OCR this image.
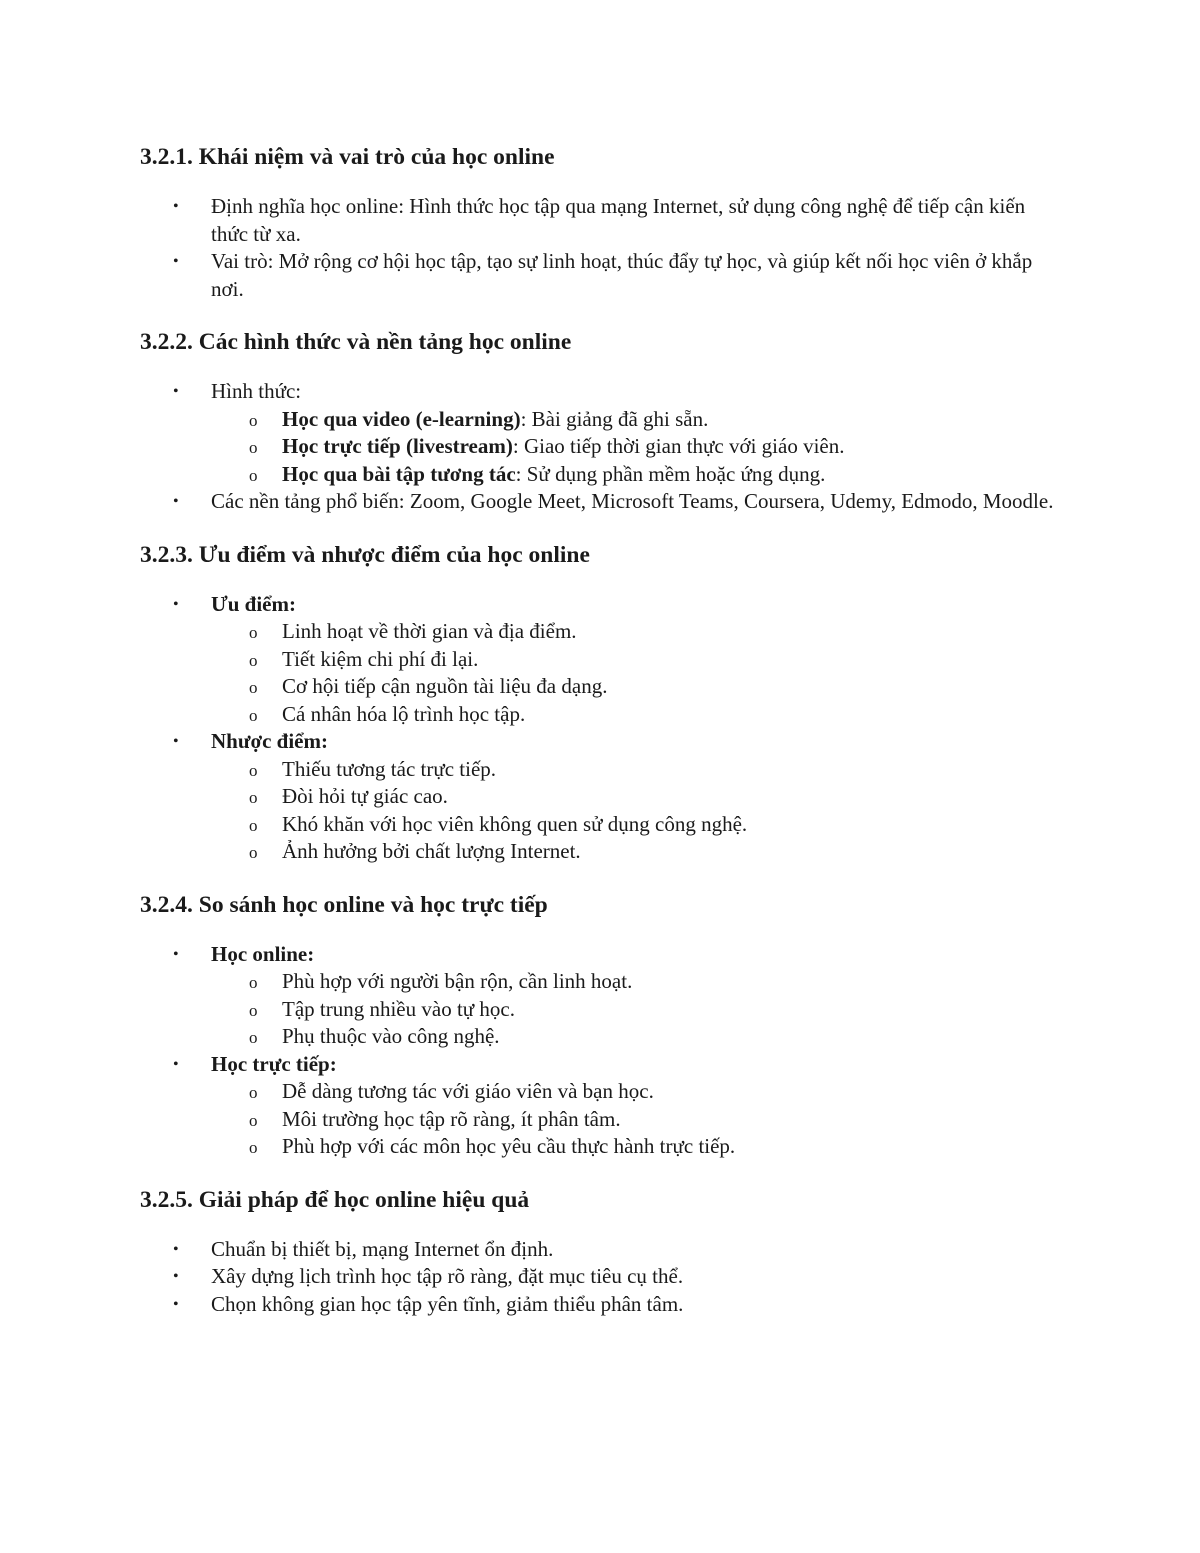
3.2.1. Khái niệm và vai trò của học online
• Định nghĩa học online: Hình thức học tập qua mạng Internet, sử dụng công nghệ để tiếp cận kiến thức từ xa.
• Vai trò: Mở rộng cơ hội học tập, tạo sự linh hoạt, thúc đẩy tự học, và giúp kết nối học viên ở khắp nơi.
3.2.2. Các hình thức và nền tảng học online
• Hình thức:
o Học qua video (e-learning): Bài giảng đã ghi sẵn.
o Học trực tiếp (livestream): Giao tiếp thời gian thực với giáo viên.
o Học qua bài tập tương tác: Sử dụng phần mềm hoặc ứng dụng.
• Các nền tảng phổ biến: Zoom, Google Meet, Microsoft Teams, Coursera, Udemy, Edmodo, Moodle.
3.2.3. Ưu điểm và nhược điểm của học online
• Ưu điểm:
o Linh hoạt về thời gian và địa điểm.
o Tiết kiệm chi phí đi lại.
o Cơ hội tiếp cận nguồn tài liệu đa dạng.
o Cá nhân hóa lộ trình học tập.
• Nhược điểm:
o Thiếu tương tác trực tiếp.
o Đòi hỏi tự giác cao.
o Khó khăn với học viên không quen sử dụng công nghệ.
o Ảnh hưởng bởi chất lượng Internet.
3.2.4. So sánh học online và học trực tiếp
• Học online:
o Phù hợp với người bận rộn, cần linh hoạt.
o Tập trung nhiều vào tự học.
o Phụ thuộc vào công nghệ.
• Học trực tiếp:
o Dễ dàng tương tác với giáo viên và bạn học.
o Môi trường học tập rõ ràng, ít phân tâm.
o Phù hợp với các môn học yêu cầu thực hành trực tiếp.
3.2.5. Giải pháp để học online hiệu quả
• Chuẩn bị thiết bị, mạng Internet ổn định.
• Xây dựng lịch trình học tập rõ ràng, đặt mục tiêu cụ thể.
• Chọn không gian học tập yên tĩnh, giảm thiểu phân tâm.
